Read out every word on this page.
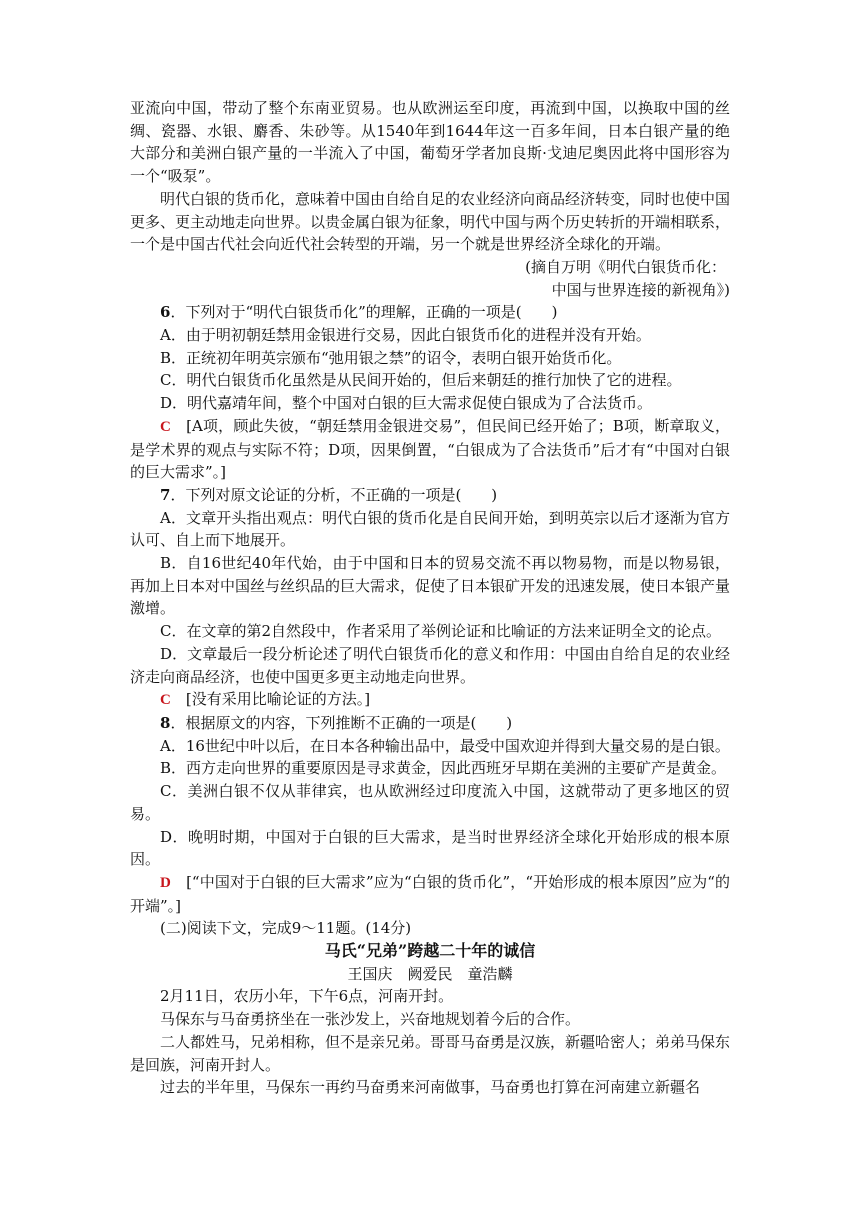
亚流向中国，带动了整个东南亚贸易。也从欧洲运至印度，再流到中国，以换取中国的丝绸、瓷器、水银、麝香、朱砂等。从1540年到1644年这一百多年间，日本白银产量的绝大部分和美洲白银产量的一半流入了中国，葡萄牙学者加良斯·戈迪尼奥因此将中国形容为一个“吸泵”。

明代白银的货币化，意味着中国由自给自足的农业经济向商品经济转变，同时也使中国更多、更主动地走向世界。以贵金属白银为征象，明代中国与两个历史转折的开端相联系，一个是中国古代社会向近代社会转型的开端，另一个就是世界经济全球化的开端。

(摘自万明《明代白银货币化：

中国与世界连接的新视角》)

6．下列对于“明代白银货币化”的理解，正确的一项是(　　)

A．由于明初朝廷禁用金银进行交易，因此白银货币化的进程并没有开始。

B．正统初年明英宗颁布“弛用银之禁”的诏令，表明白银开始货币化。

C．明代白银货币化虽然是从民间开始的，但后来朝廷的推行加快了它的进程。

D．明代嘉靖年间，整个中国对白银的巨大需求促使白银成为了合法货币。

C　[A项，顾此失彼，“朝廷禁用金银进交易”，但民间已经开始了；B项，断章取义，是学术界的观点与实际不符；D项，因果倒置，“白银成为了合法货币”后才有“中国对白银的巨大需求”。]

7．下列对原文论证的分析，不正确的一项是(　　)

A．文章开头指出观点：明代白银的货币化是自民间开始，到明英宗以后才逐渐为官方认可、自上而下地展开。

B．自16世纪40年代始，由于中国和日本的贸易交流不再以物易物，而是以物易银，再加上日本对中国丝与丝织品的巨大需求，促使了日本银矿开发的迅速发展，使日本银产量激增。

C．在文章的第2自然段中，作者采用了举例论证和比喻证的方法来证明全文的论点。

D．文章最后一段分析论述了明代白银货币化的意义和作用：中国由自给自足的农业经济走向商品经济，也使中国更多更主动地走向世界。

C　[没有采用比喻论证的方法。]

8．根据原文的内容，下列推断不正确的一项是(　　)

A．16世纪中叶以后，在日本各种输出品中，最受中国欢迎并得到大量交易的是白银。

B．西方走向世界的重要原因是寻求黄金，因此西班牙早期在美洲的主要矿产是黄金。

C．美洲白银不仅从菲律宾，也从欧洲经过印度流入中国，这就带动了更多地区的贸易。

D．晚明时期，中国对于白银的巨大需求，是当时世界经济全球化开始形成的根本原因。

D　[“中国对于白银的巨大需求”应为“白银的货币化”，“开始形成的根本原因”应为“的开端”。]

(二)阅读下文，完成9～11题。(14分)

马氏“兄弟”跨越二十年的诚信

王国庆　阙爱民　童浩麟

2月11日，农历小年，下午6点，河南开封。

马保东与马奋勇挤坐在一张沙发上，兴奋地规划着今后的合作。

二人都姓马，兄弟相称，但不是亲兄弟。哥哥马奋勇是汉族，新疆哈密人；弟弟马保东是回族，河南开封人。

过去的半年里，马保东一再约马奋勇来河南做事，马奋勇也打算在河南建立新疆名
